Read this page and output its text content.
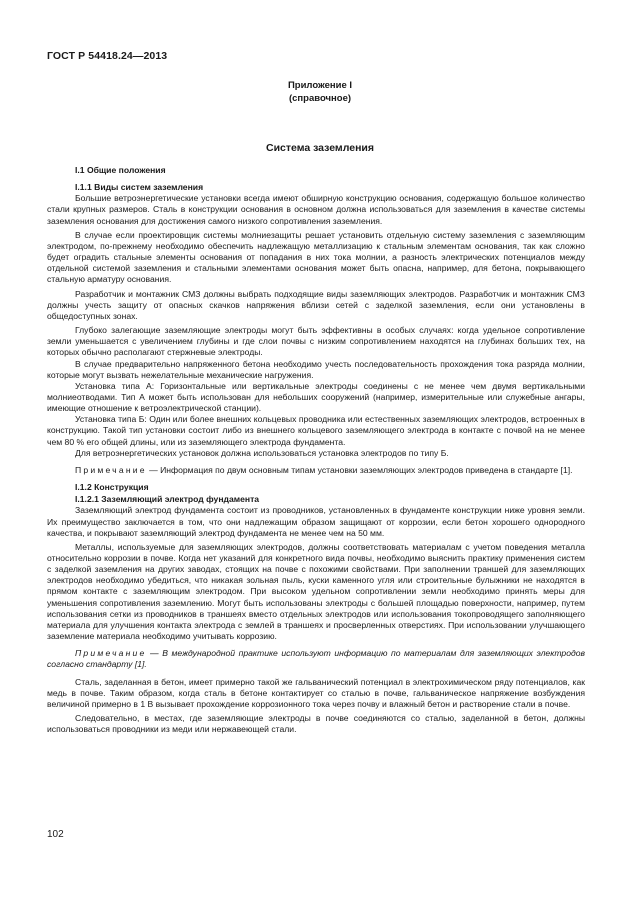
ГОСТ Р 54418.24—2013
Приложение I
(справочное)
Система заземления

I.1 Общие положения

I.1.1 Виды систем заземления

Большие ветроэнергетические установки всегда имеют обширную конструкцию основания, содержащую большое количество стали крупных размеров. Сталь в конструкции основания в основном должна использоваться для заземления в качестве системы заземления основания для достижения самого низкого сопротивления заземления.

В случае если проектировщик системы молниезащиты решает установить отдельную систему заземления с заземляющим электродом, по-прежнему необходимо обеспечить надлежащую металлизацию к стальным элементам основания, так как сложно будет оградить стальные элементы основания от попадания в них тока молнии, а разность электрических потенциалов между отдельной системой заземления и стальными элементами основания может быть опасна, например, для бетона, покрывающего стальную арматуру основания.

Разработчик и монтажник СМЗ должны выбрать подходящие виды заземляющих электродов. Разработчик и монтажник СМЗ должны учесть защиту от опасных скачков напряжения вблизи сетей с заделкой заземления, если они установлены в общедоступных зонах.

Глубоко залегающие заземляющие электроды могут быть эффективны в особых случаях: когда удельное сопротивление земли уменьшается с увеличением глубины и где слои почвы с низким сопротивлением находятся на глубинах больших тех, на которых обычно располагают стержневые электроды.

В случае предварительно напряженного бетона необходимо учесть последовательность прохождения тока разряда молнии, которые могут вызвать нежелательные механические нагружения.

Установка типа А: Горизонтальные или вертикальные электроды соединены с не менее чем двумя вертикальными молниеотводами. Тип А может быть использован для небольших сооружений (например, измерительные или служебные ангары, имеющие отношение к ветроэлектрической станции).

Установка типа Б: Один или более внешних кольцевых проводника или естественных заземляющих электродов, встроенных в конструкцию. Такой тип установки состоит либо из внешнего кольцевого заземляющего электрода в контакте с почвой на не менее чем 80 % его общей длины, или из заземляющего электрода фундамента.

Для ветроэнергетических установок должна использоваться установка электродов по типу Б.

Примечание — Информация по двум основным типам установки заземляющих электродов приведена в стандарте [1].

I.1.2 Конструкция

I.1.2.1 Заземляющий электрод фундамента

Заземляющий электрод фундамента состоит из проводников, установленных в фундаменте конструкции ниже уровня земли. Их преимущество заключается в том, что они надлежащим образом защищают от коррозии, если бетон хорошего однородного качества, и покрывают заземляющий электрод фундамента не менее чем на 50 мм.

Металлы, используемые для заземляющих электродов, должны соответствовать материалам с учетом поведения металла относительно коррозии в почве. Когда нет указаний для конкретного вида почвы, необходимо выяснить практику применения систем с заделкой заземления на других заводах, стоящих на почве с похожими свойствами. При заполнении траншей для заземляющих электродов необходимо убедиться, что никакая зольная пыль, куски каменного угля или строительные булыжники не находятся в прямом контакте с заземляющим электродом. При высоком удельном сопротивлении земли необходимо принять меры для уменьшения сопротивления заземлению. Могут быть использованы электроды с большей площадью поверхности, например, путем использования сетки из проводников в траншеях вместо отдельных электродов или использования токопроводящего заполняющего материала для улучшения контакта электрода с землей в траншеях и просверленных отверстиях. При использовании улучшающего заземление материала необходимо учитывать коррозию.

Примечание — В международной практике используют информацию по материалам для заземляющих электродов согласно стандарту [1].

Сталь, заделанная в бетон, имеет примерно такой же гальванический потенциал в электрохимическом ряду потенциалов, как медь в почве. Таким образом, когда сталь в бетоне контактирует со сталью в почве, гальваническое напряжение возбуждения величиной примерно в 1 В вызывает прохождение коррозионного тока через почву и влажный бетон и растворение стали в почве.

Следовательно, в местах, где заземляющие электроды в почве соединяются со сталью, заделанной в бетон, должны использоваться проводники из меди или нержавеющей стали.

102
